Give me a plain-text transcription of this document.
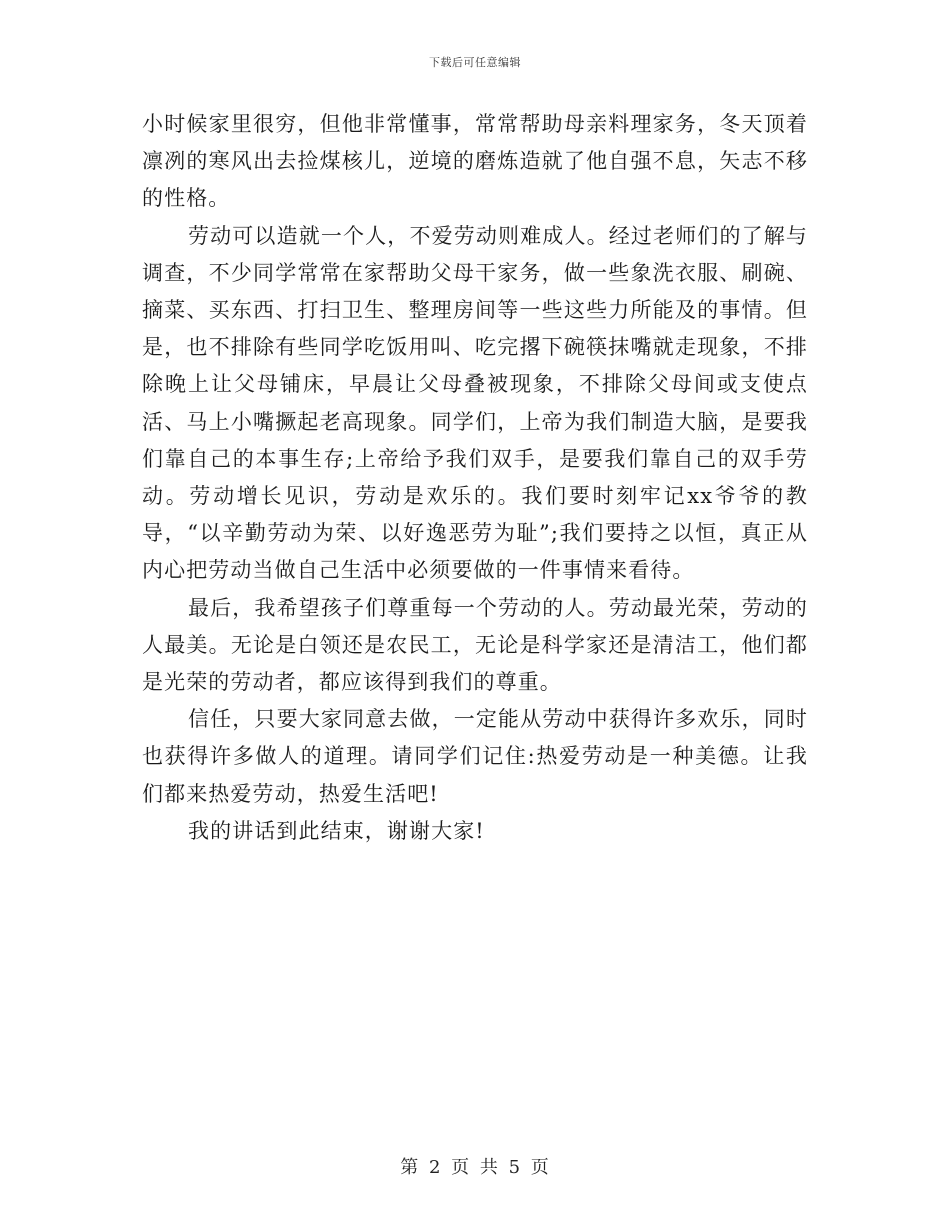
下载后可任意编辑

小时候家里很穷，但他非常懂事，常常帮助母亲料理家务，冬天顶着凛冽的寒风出去捡煤核儿，逆境的磨炼造就了他自强不息，矢志不移的性格。

劳动可以造就一个人，不爱劳动则难成人。经过老师们的了解与调查，不少同学常常在家帮助父母干家务，做一些象洗衣服、刷碗、摘菜、买东西、打扫卫生、整理房间等一些这些力所能及的事情。但是，也不排除有些同学吃饭用叫、吃完撂下碗筷抹嘴就走现象，不排除晚上让父母铺床，早晨让父母叠被现象，不排除父母间或支使点活、马上小嘴撅起老高现象。同学们，上帝为我们制造大脑，是要我们靠自己的本事生存;上帝给予我们双手，是要我们靠自己的双手劳动。劳动增长见识，劳动是欢乐的。我们要时刻牢记xx爷爷的教导，“以辛勤劳动为荣、以好逸恶劳为耻”;我们要持之以恒，真正从内心把劳动当做自己生活中必须要做的一件事情来看待。

最后，我希望孩子们尊重每一个劳动的人。劳动最光荣，劳动的人最美。无论是白领还是农民工，无论是科学家还是清洁工，他们都是光荣的劳动者，都应该得到我们的尊重。

信任，只要大家同意去做，一定能从劳动中获得许多欢乐，同时也获得许多做人的道理。请同学们记住:热爱劳动是一种美德。让我们都来热爱劳动，热爱生活吧!

我的讲话到此结束，谢谢大家!

第 2 页 共 5 页
